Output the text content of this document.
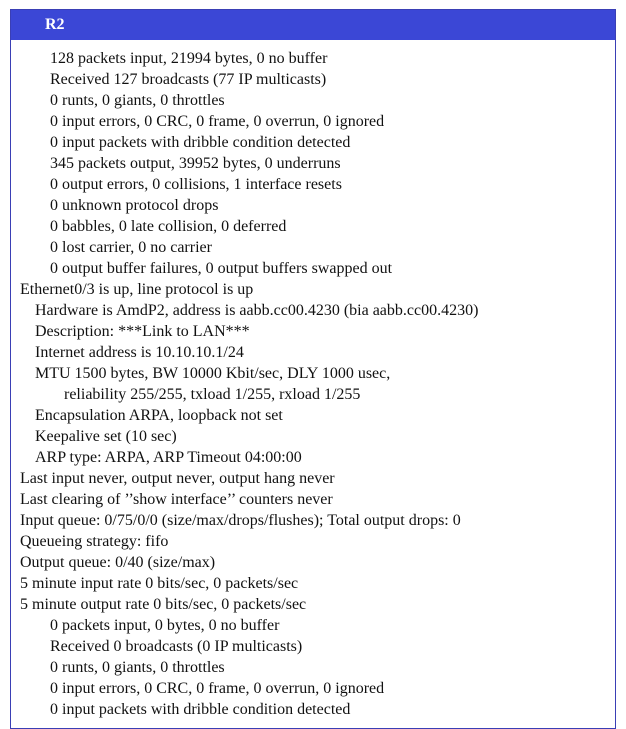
R2
128 packets input, 21994 bytes, 0 no buffer
Received 127 broadcasts (77 IP multicasts)
0 runts, 0 giants, 0 throttles
0 input errors, 0 CRC, 0 frame, 0 overrun, 0 ignored
0 input packets with dribble condition detected
345 packets output, 39952 bytes, 0 underruns
0 output errors, 0 collisions, 1 interface resets
0 unknown protocol drops
0 babbles, 0 late collision, 0 deferred
0 lost carrier, 0 no carrier
0 output buffer failures, 0 output buffers swapped out
Ethernet0/3 is up, line protocol is up
Hardware is AmdP2, address is aabb.cc00.4230 (bia aabb.cc00.4230)
Description: ***Link to LAN***
Internet address is 10.10.10.1/24
MTU 1500 bytes, BW 10000 Kbit/sec, DLY 1000 usec,
reliability 255/255, txload 1/255, rxload 1/255
Encapsulation ARPA, loopback not set
Keepalive set (10 sec)
ARP type: ARPA, ARP Timeout 04:00:00
Last input never, output never, output hang never
Last clearing of ’’show interface’’ counters never
Input queue: 0/75/0/0 (size/max/drops/flushes); Total output drops: 0
Queueing strategy: fifo
Output queue: 0/40 (size/max)
5 minute input rate 0 bits/sec, 0 packets/sec
5 minute output rate 0 bits/sec, 0 packets/sec
0 packets input, 0 bytes, 0 no buffer
Received 0 broadcasts (0 IP multicasts)
0 runts, 0 giants, 0 throttles
0 input errors, 0 CRC, 0 frame, 0 overrun, 0 ignored
0 input packets with dribble condition detected
